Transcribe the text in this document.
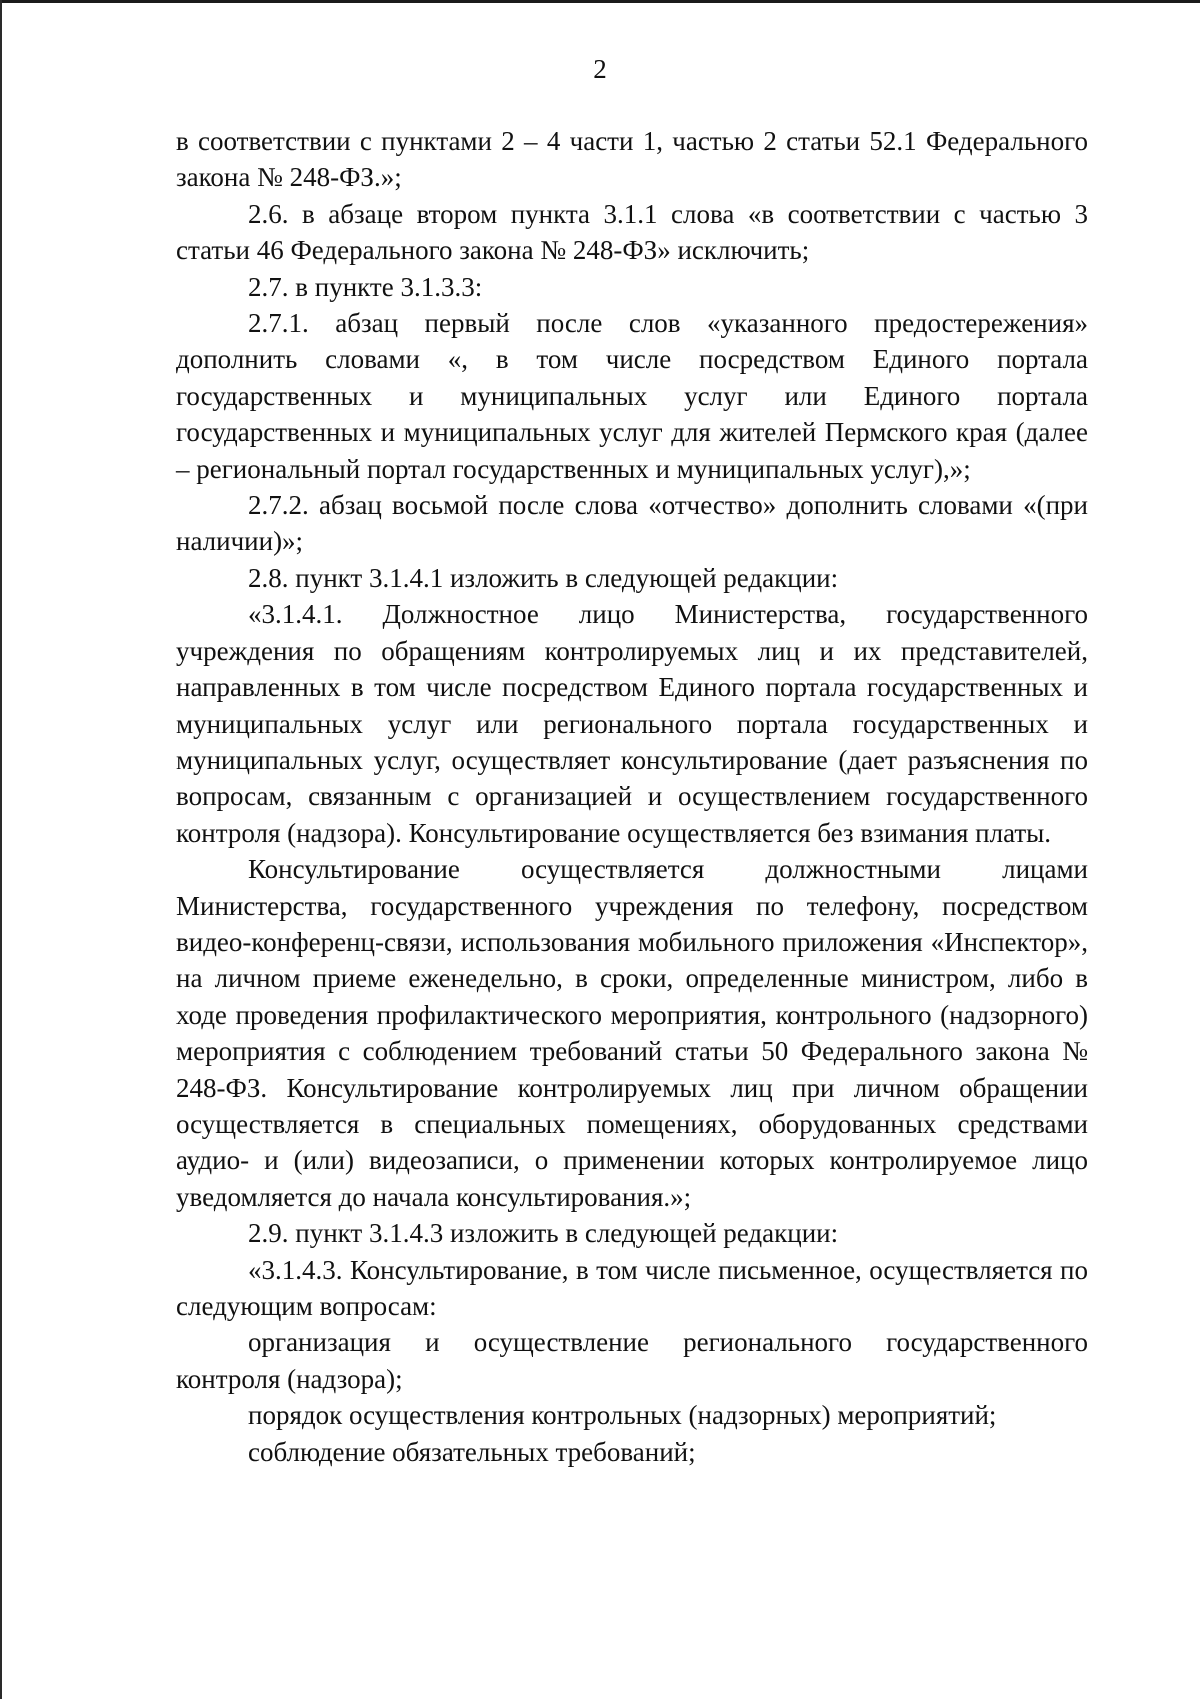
2

в соответствии с пунктами 2 – 4 части 1, частью 2 статьи 52.1 Федерального закона № 248-ФЗ.»;

2.6. в абзаце втором пункта 3.1.1 слова «в соответствии с частью 3 статьи 46 Федерального закона № 248-ФЗ» исключить;

2.7. в пункте 3.1.3.3:

2.7.1. абзац первый после слов «указанного предостережения» дополнить словами «, в том числе посредством Единого портала государственных и муниципальных услуг или Единого портала государственных и муниципальных услуг для жителей Пермского края (далее – региональный портал государственных и муниципальных услуг),»;

2.7.2. абзац восьмой после слова «отчество» дополнить словами «(при наличии)»;

2.8. пункт 3.1.4.1 изложить в следующей редакции:

«3.1.4.1. Должностное лицо Министерства, государственного учреждения по обращениям контролируемых лиц и их представителей, направленных в том числе посредством Единого портала государственных и муниципальных услуг или регионального портала государственных и муниципальных услуг, осуществляет консультирование (дает разъяснения по вопросам, связанным с организацией и осуществлением государственного контроля (надзора). Консультирование осуществляется без взимания платы.

Консультирование осуществляется должностными лицами Министерства, государственного учреждения по телефону, посредством видео-конференц-связи, использования мобильного приложения «Инспектор», на личном приеме еженедельно, в сроки, определенные министром, либо в ходе проведения профилактического мероприятия, контрольного (надзорного) мероприятия с соблюдением требований статьи 50 Федерального закона № 248-ФЗ. Консультирование контролируемых лиц при личном обращении осуществляется в специальных помещениях, оборудованных средствами аудио- и (или) видеозаписи, о применении которых контролируемое лицо уведомляется до начала консультирования.»;

2.9. пункт 3.1.4.3 изложить в следующей редакции:

«3.1.4.3. Консультирование, в том числе письменное, осуществляется по следующим вопросам:

организация и осуществление регионального государственного контроля (надзора);

порядок осуществления контрольных (надзорных) мероприятий;

соблюдение обязательных требований;
